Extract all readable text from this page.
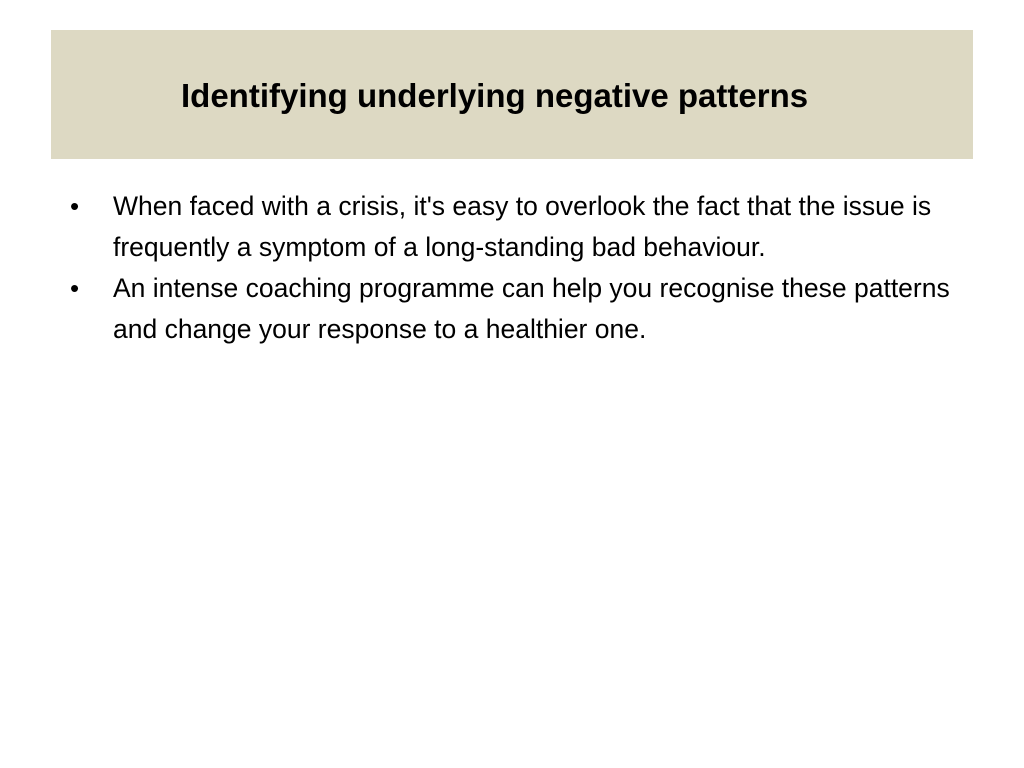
Identifying underlying negative patterns
• When faced with a crisis, it's easy to overlook the fact that the issue is frequently a symptom of a long-standing bad behaviour.
• An intense coaching programme can help you recognise these patterns and change your response to a healthier one.
